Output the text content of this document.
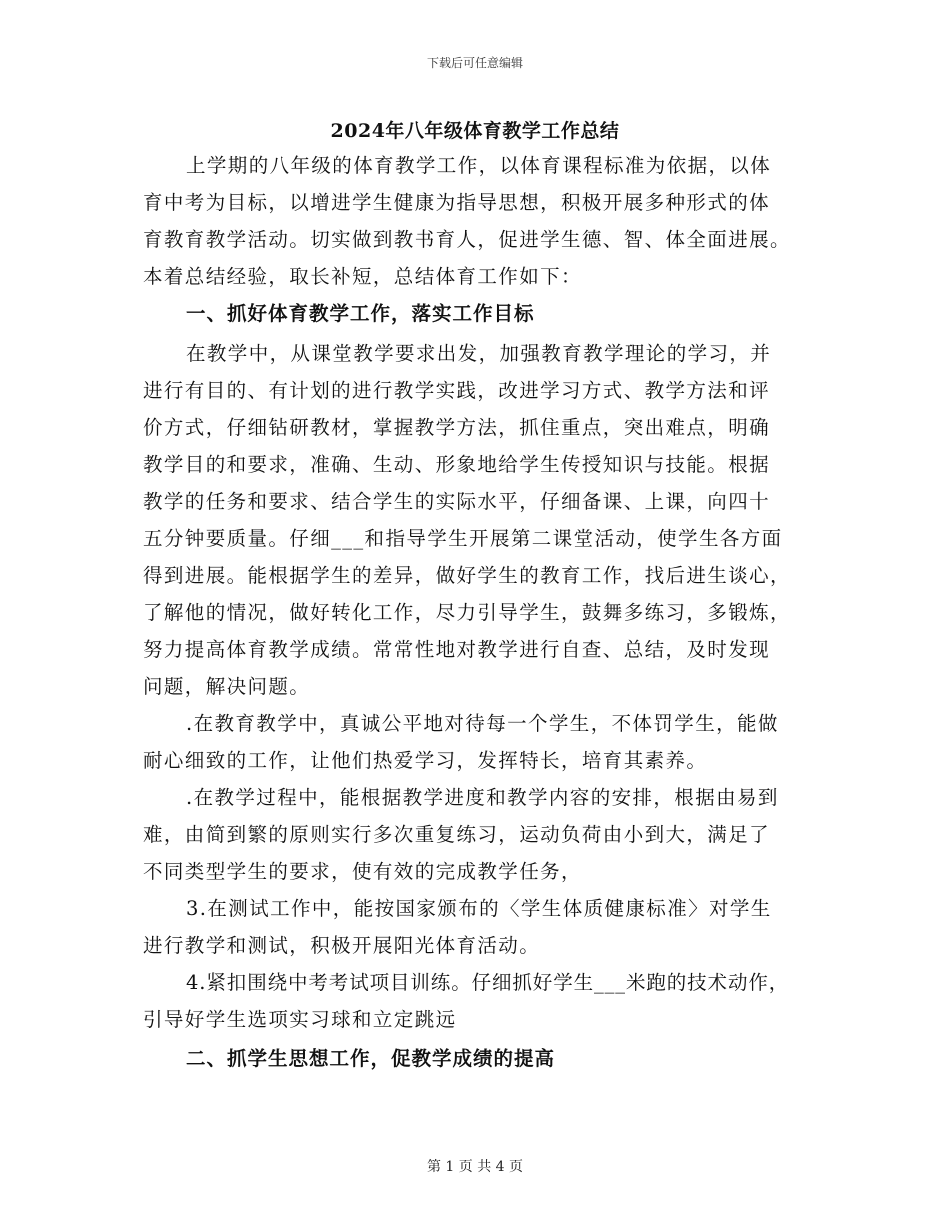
下载后可任意编辑
2024年八年级体育教学工作总结
上学期的八年级的体育教学工作，以体育课程标准为依据，以体
育中考为目标，以增进学生健康为指导思想，积极开展多种形式的体
育教育教学活动。切实做到教书育人，促进学生德、智、体全面进展。
本着总结经验，取长补短，总结体育工作如下：
一、抓好体育教学工作，落实工作目标
在教学中，从课堂教学要求出发，加强教育教学理论的学习，并
进行有目的、有计划的进行教学实践，改进学习方式、教学方法和评
价方式，仔细钻研教材，掌握教学方法，抓住重点，突出难点，明确
教学目的和要求，准确、生动、形象地给学生传授知识与技能。根据
教学的任务和要求、结合学生的实际水平，仔细备课、上课，向四十
五分钟要质量。仔细___和指导学生开展第二课堂活动，使学生各方面
得到进展。能根据学生的差异，做好学生的教育工作，找后进生谈心，
了解他的情况，做好转化工作，尽力引导学生，鼓舞多练习，多锻炼，
努力提高体育教学成绩。常常性地对教学进行自查、总结，及时发现
问题，解决问题。
.在教育教学中，真诚公平地对待每一个学生，不体罚学生，能做
耐心细致的工作，让他们热爱学习，发挥特长，培育其素养。
.在教学过程中，能根据教学进度和教学内容的安排，根据由易到
难，由简到繁的原则实行多次重复练习，运动负荷由小到大，满足了
不同类型学生的要求，使有效的完成教学任务，
3.在测试工作中，能按国家颁布的〈学生体质健康标准〉对学生
进行教学和测试，积极开展阳光体育活动。
4.紧扣围绕中考考试项目训练。仔细抓好学生___米跑的技术动作，
引导好学生选项实习球和立定跳远
二、抓学生思想工作，促教学成绩的提高
第 1 页 共 4 页
